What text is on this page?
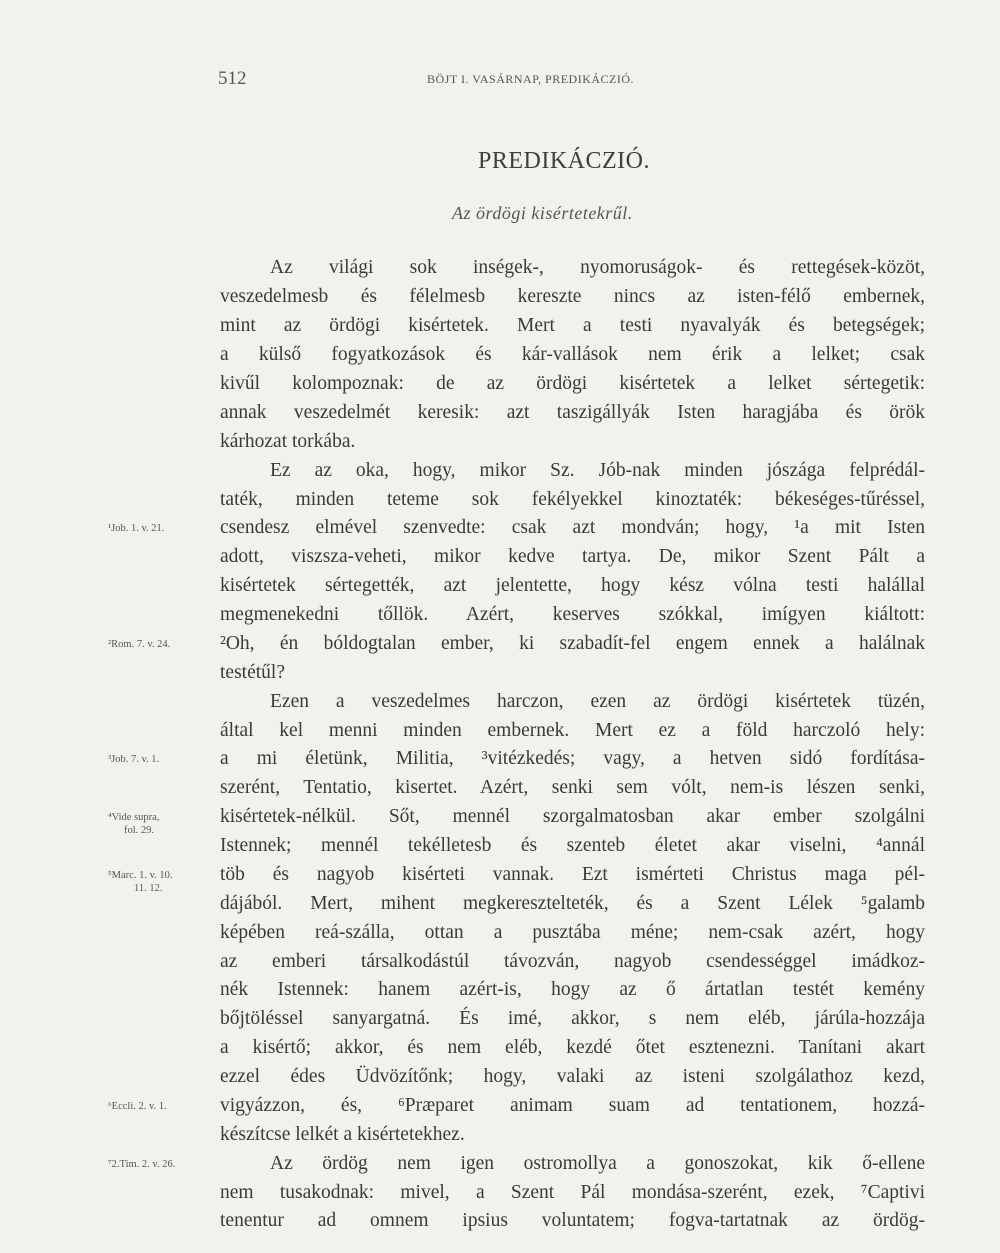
512	BÖJT I. VASÁRNAP, PREDIKÁCZIÓ.
PREDIKÁCZIÓ.
Az ördögi kisértetekrűl.
Az világi sok inségek-, nyomoruságok- és rettegések-közöt,
veszedelmesb és félelmesb kereszte nincs az isten-félő embernek,
mint az ördögi kisértetek. Mert a testi nyavalyák és betegségek;
a külső fogyatkozások és kár-vallások nem érik a lelket; csak
kivűl kolompoznak: de az ördögi kisértetek a lelket sértegetik:
annak veszedelmét keresik: azt taszigállyák Isten haragjába és örök
kárhozat torkába.
Ez az oka, hogy, mikor Sz. Jób-nak minden jószága felprédál-
taték, minden teteme sok fekélyekkel kinoztaték: békeséges-tűréssel,
csendesz elmével szenvedte: csak azt mondván; hogy, ¹a mit Isten
adott, viszsza-veheti, mikor kedve tartya. De, mikor Szent Pált a
kisértetek sértegették, azt jelentette, hogy kész vólna testi halállal
megmenekedni tőllök. Azért, keserves szókkal, imígyen kiáltott:
²Oh, én bóldogtalan ember, ki szabadít-fel engem ennek a halálnak
testétűl?
Ezen a veszedelmes harczon, ezen az ördögi kisértetek tüzén,
által kel menni minden embernek. Mert ez a föld harczoló hely:
a mi életünk, Militia, ³vitézkedés; vagy, a hetven sidó fordítása-
szerént, Tentatio, kisertet. Azért, senki sem vólt, nem-is lészen senki,
kisértetek-nélkül. Sőt, mennél szorgalmatosban akar ember szolgálni
Istennek; mennél tekélletesb és szenteb életet akar viselni, ⁴annál
töb és nagyob kisérteti vannak. Ezt ismérteti Christus maga pél-
dájából. Mert, mihent megkeresztelteték, és a Szent Lélek ⁵galamb
képében reá-szálla, ottan a pusztába méne; nem-csak azért, hogy
az emberi társalkodástúl távozván, nagyob csendességgel imádkoz-
nék Istennek: hanem azért-is, hogy az ő ártatlan testét kemény
bőjtöléssel sanyargatná. És imé, akkor, s nem eléb, járúla-hozzája
a kisértő; akkor, és nem eléb, kezdé őtet esztenezni. Tanítani akart
ezzel édes Üdvözítőnk; hogy, valaki az isteni szolgálathoz kezd,
vigyázzon, és, ⁶Præparet animam suam ad tentationem, hozzá-
készítcse lelkét a kisértetekhez.
Az ördög nem igen ostromollya a gonoszokat, kik ő-ellene
nem tusakodnak: mivel, a Szent Pál mondása-szerént, ezek, ⁷Captivi
tenentur ad omnem ipsius voluntatem; fogva-tartatnak az ördög-
¹Job. 1. v. 21.
²Rom. 7. v. 24.
³Job. 7. v. 1.
⁴Vide supra,
fol. 29.
⁵Marc. 1. v. 10.
11. 12.
⁶Eccli. 2. v. 1.
⁷2.Tim. 2. v. 26.
